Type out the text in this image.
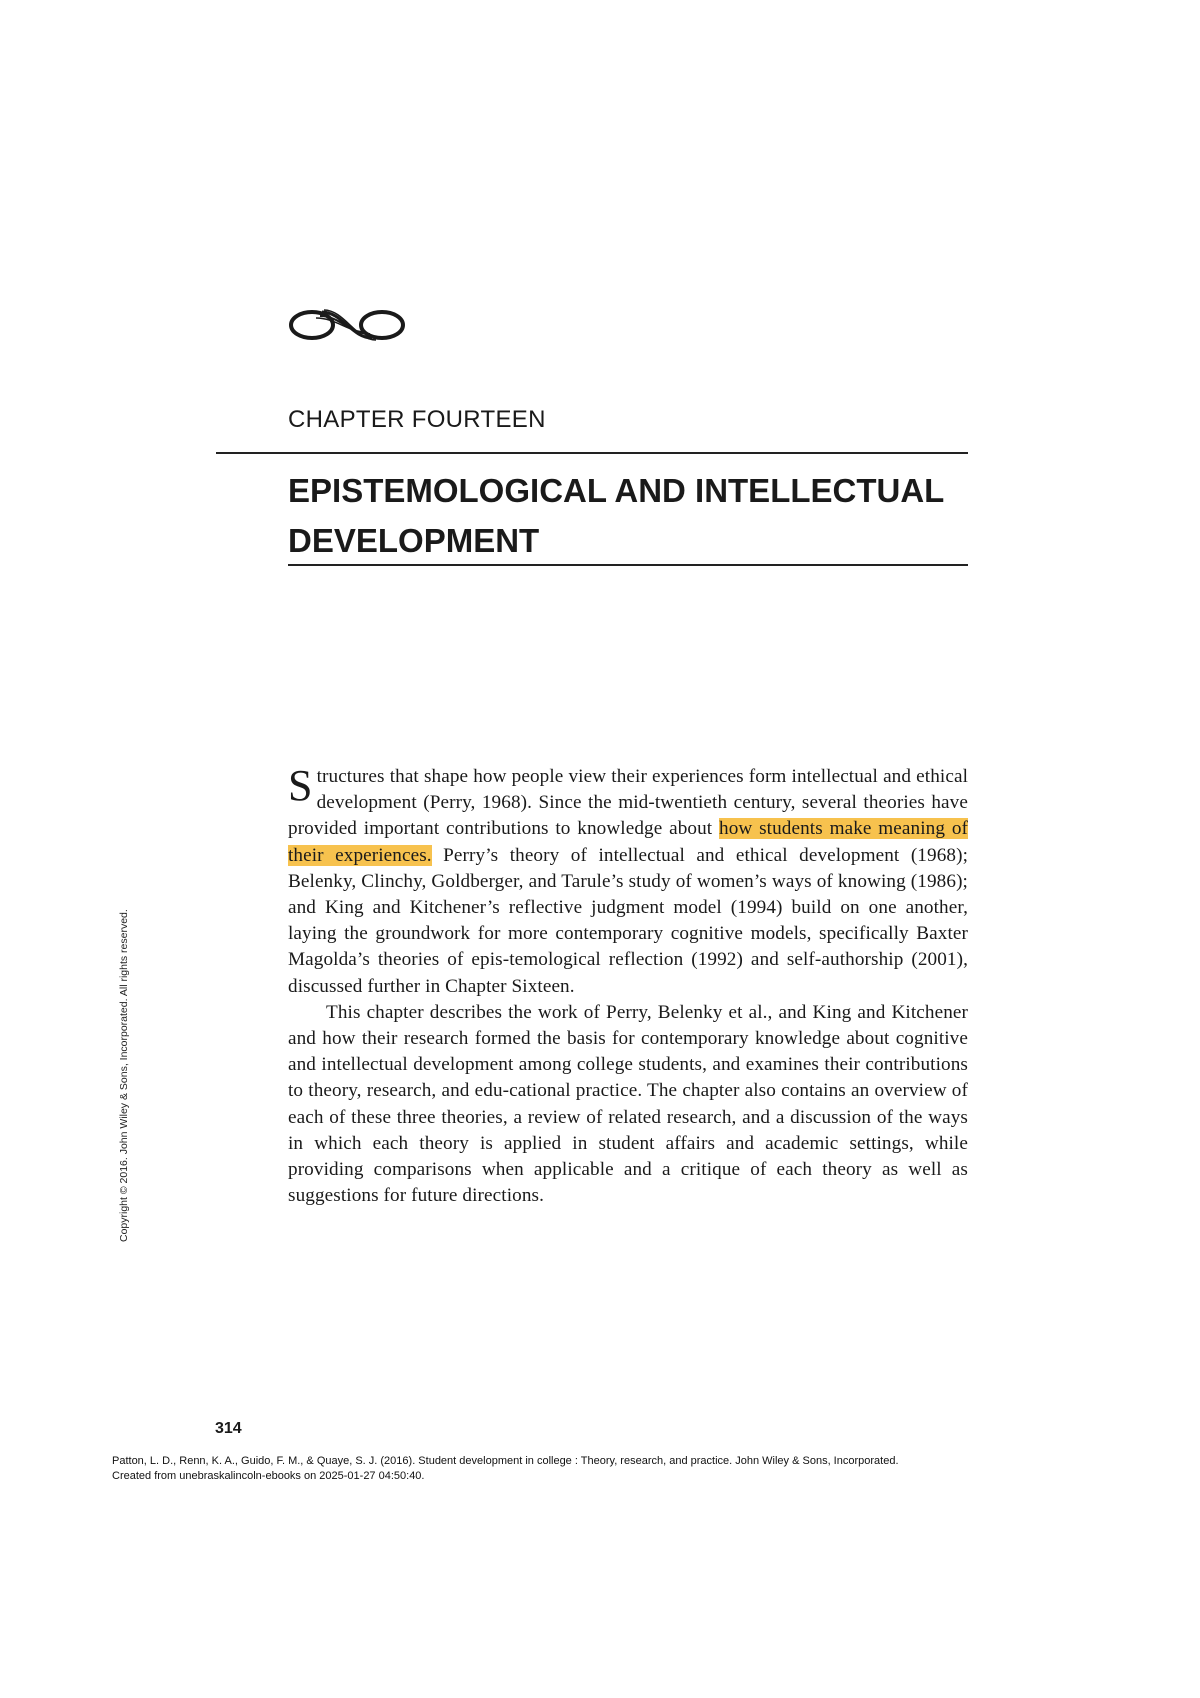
CHAPTER FOURTEEN
EPISTEMOLOGICAL AND INTELLECTUAL DEVELOPMENT

Structures that shape how people view their experiences form intellectual and ethical development (Perry, 1968). Since the mid-twentieth century, several theories have provided important contributions to knowledge about how students make meaning of their experiences. Perry’s theory of intellectual and ethical development (1968); Belenky, Clinchy, Goldberger, and Tarule’s study of women’s ways of knowing (1986); and King and Kitchener’s reflective judgment model (1994) build on one another, laying the groundwork for more contemporary cognitive models, specifically Baxter Magolda’s theories of epis-temological reflection (1992) and self-authorship (2001), discussed further in Chapter Sixteen.

This chapter describes the work of Perry, Belenky et al., and King and Kitchener and how their research formed the basis for contemporary knowledge about cognitive and intellectual development among college students, and examines their contributions to theory, research, and edu-cational practice. The chapter also contains an overview of each of these three theories, a review of related research, and a discussion of the ways in which each theory is applied in student affairs and academic settings, while providing comparisons when applicable and a critique of each theory as well as suggestions for future directions.

Copyright © 2016. John Wiley & Sons, Incorporated. All rights reserved.
314
Patton, L. D., Renn, K. A., Guido, F. M., & Quaye, S. J. (2016). Student development in college : Theory, research, and practice. John Wiley & Sons, Incorporated.
Created from unebraskalincoln-ebooks on 2025-01-27 04:50:40.
